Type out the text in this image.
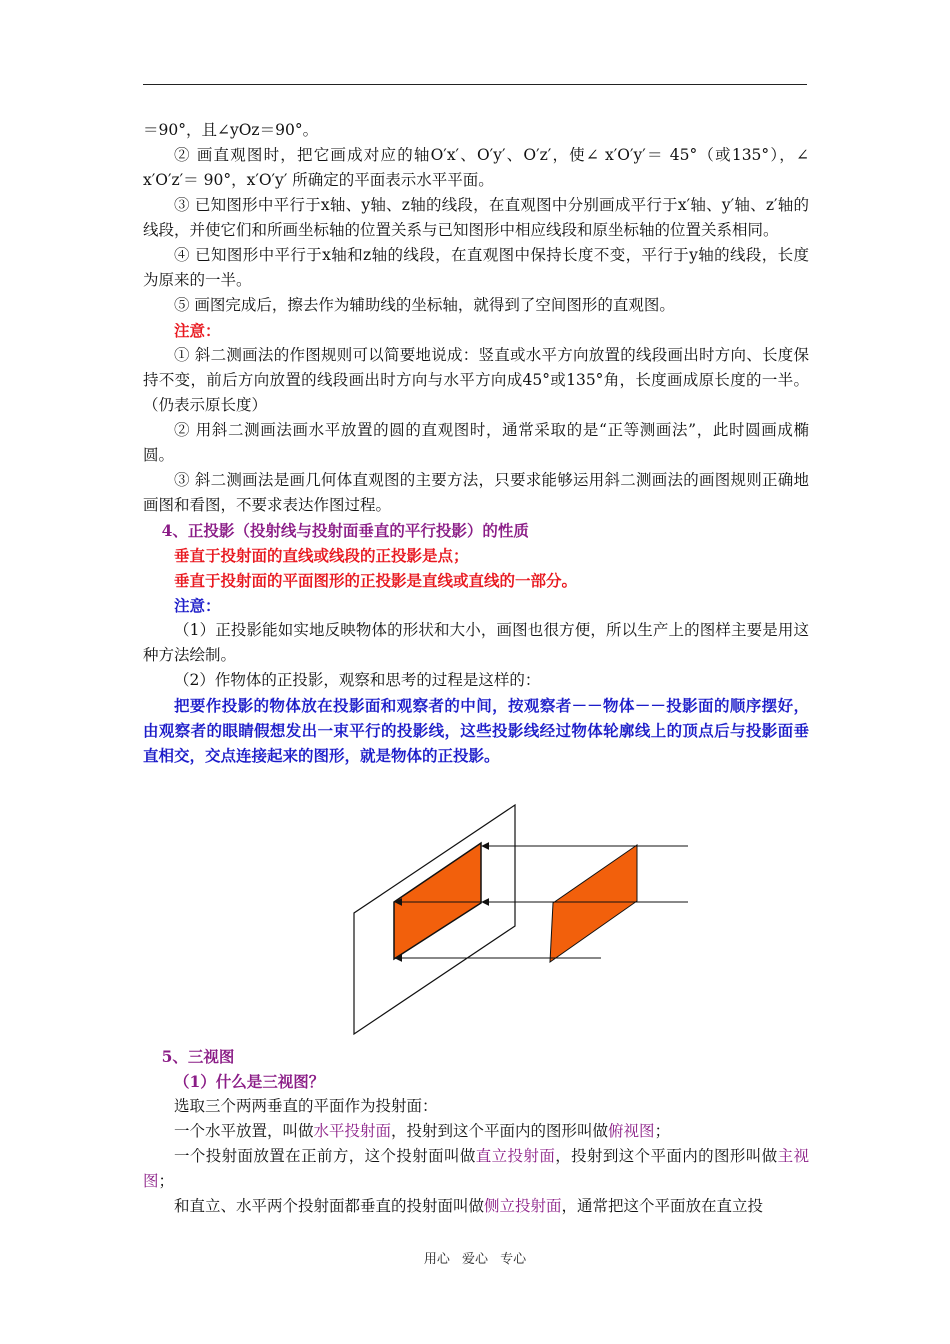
＝90°，且∠yOz＝90°。

② 画直观图时，把它画成对应的轴O′x′、O′y′、O′z′，使∠ x′O′y′＝ 45°（或135°），∠ x′O′z′＝ 90°，x′O′y′ 所确定的平面表示水平平面。

③ 已知图形中平行于x轴、y轴、z轴的线段，在直观图中分别画成平行于x′轴、y′轴、z′轴的线段，并使它们和所画坐标轴的位置关系与已知图形中相应线段和原坐标轴的位置关系相同。

④ 已知图形中平行于x轴和z轴的线段，在直观图中保持长度不变，平行于y轴的线段，长度为原来的一半。

⑤ 画图完成后，擦去作为辅助线的坐标轴，就得到了空间图形的直观图。

注意：

① 斜二测画法的作图规则可以简要地说成：竖直或水平方向放置的线段画出时方向、长度保持不变，前后方向放置的线段画出时方向与水平方向成45°或135°角，长度画成原长度的一半。（仍表示原长度）

② 用斜二测画法画水平放置的圆的直观图时，通常采取的是“正等测画法”，此时圆画成椭圆。

③ 斜二测画法是画几何体直观图的主要方法，只要求能够运用斜二测画法的画图规则正确地画图和看图，不要求表达作图过程。

4、正投影（投射线与投射面垂直的平行投影）的性质

垂直于投射面的直线或线段的正投影是点；

垂直于投射面的平面图形的正投影是直线或直线的一部分。

注意：

（1）正投影能如实地反映物体的形状和大小，画图也很方便，所以生产上的图样主要是用这种方法绘制。

（2）作物体的正投影，观察和思考的过程是这样的：

把要作投影的物体放在投影面和观察者的中间，按观察者－－物体－－投影面的顺序摆好，由观察者的眼睛假想发出一束平行的投影线，这些投影线经过物体轮廓线上的顶点后与投影面垂直相交，交点连接起来的图形，就是物体的正投影。

5、三视图

（1）什么是三视图？

选取三个两两垂直的平面作为投射面：

一个水平放置，叫做水平投射面，投射到这个平面内的图形叫做俯视图；

一个投射面放置在正前方，这个投射面叫做直立投射面，投射到这个平面内的图形叫做主视图；

和直立、水平两个投射面都垂直的投射面叫做侧立投射面，通常把这个平面放在直立投

用心 爱心 专心
